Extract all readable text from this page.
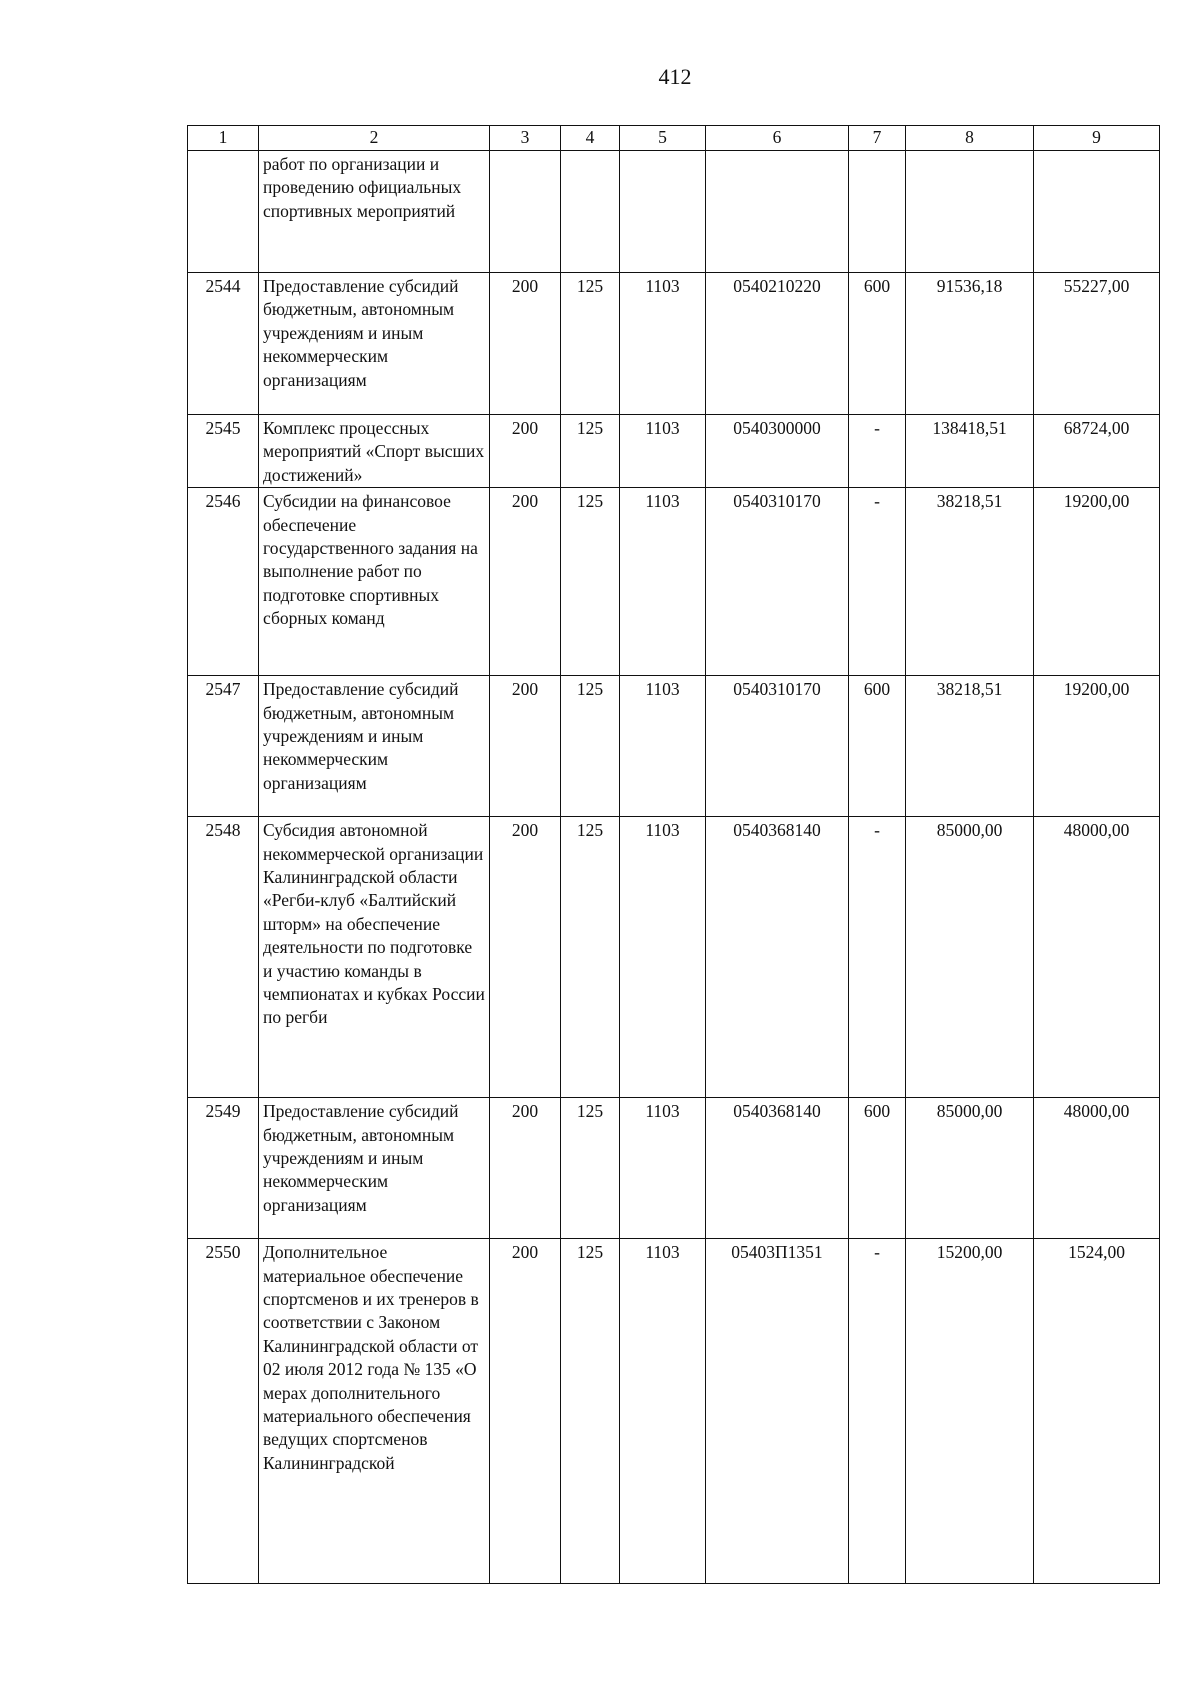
412
1	2	3	4	5	6	7	8	9
	работ по организации и проведению официальных спортивных мероприятий							
2544	Предоставление субсидий бюджетным, автономным учреждениям и иным некоммерческим организациям	200	125	1103	0540210220	600	91536,18	55227,00
2545	Комплекс процессных мероприятий «Спорт высших достижений»	200	125	1103	0540300000	-	138418,51	68724,00
2546	Субсидии на финансовое обеспечение государственного задания на выполнение работ по подготовке спортивных сборных команд	200	125	1103	0540310170	-	38218,51	19200,00
2547	Предоставление субсидий бюджетным, автономным учреждениям и иным некоммерческим организациям	200	125	1103	0540310170	600	38218,51	19200,00
2548	Субсидия автономной некоммерческой организации Калининградской области «Регби-клуб «Балтийский шторм» на обеспечение деятельности по подготовке и участию команды в чемпионатах и кубках России по регби	200	125	1103	0540368140	-	85000,00	48000,00
2549	Предоставление субсидий бюджетным, автономным учреждениям и иным некоммерческим организациям	200	125	1103	0540368140	600	85000,00	48000,00
2550	Дополнительное материальное обеспечение спортсменов и их тренеров в соответствии с Законом Калининградской области от 02 июля 2012 года № 135 «О мерах дополнительного материального обеспечения ведущих спортсменов Калининградской	200	125	1103	05403П1351	-	15200,00	1524,00
